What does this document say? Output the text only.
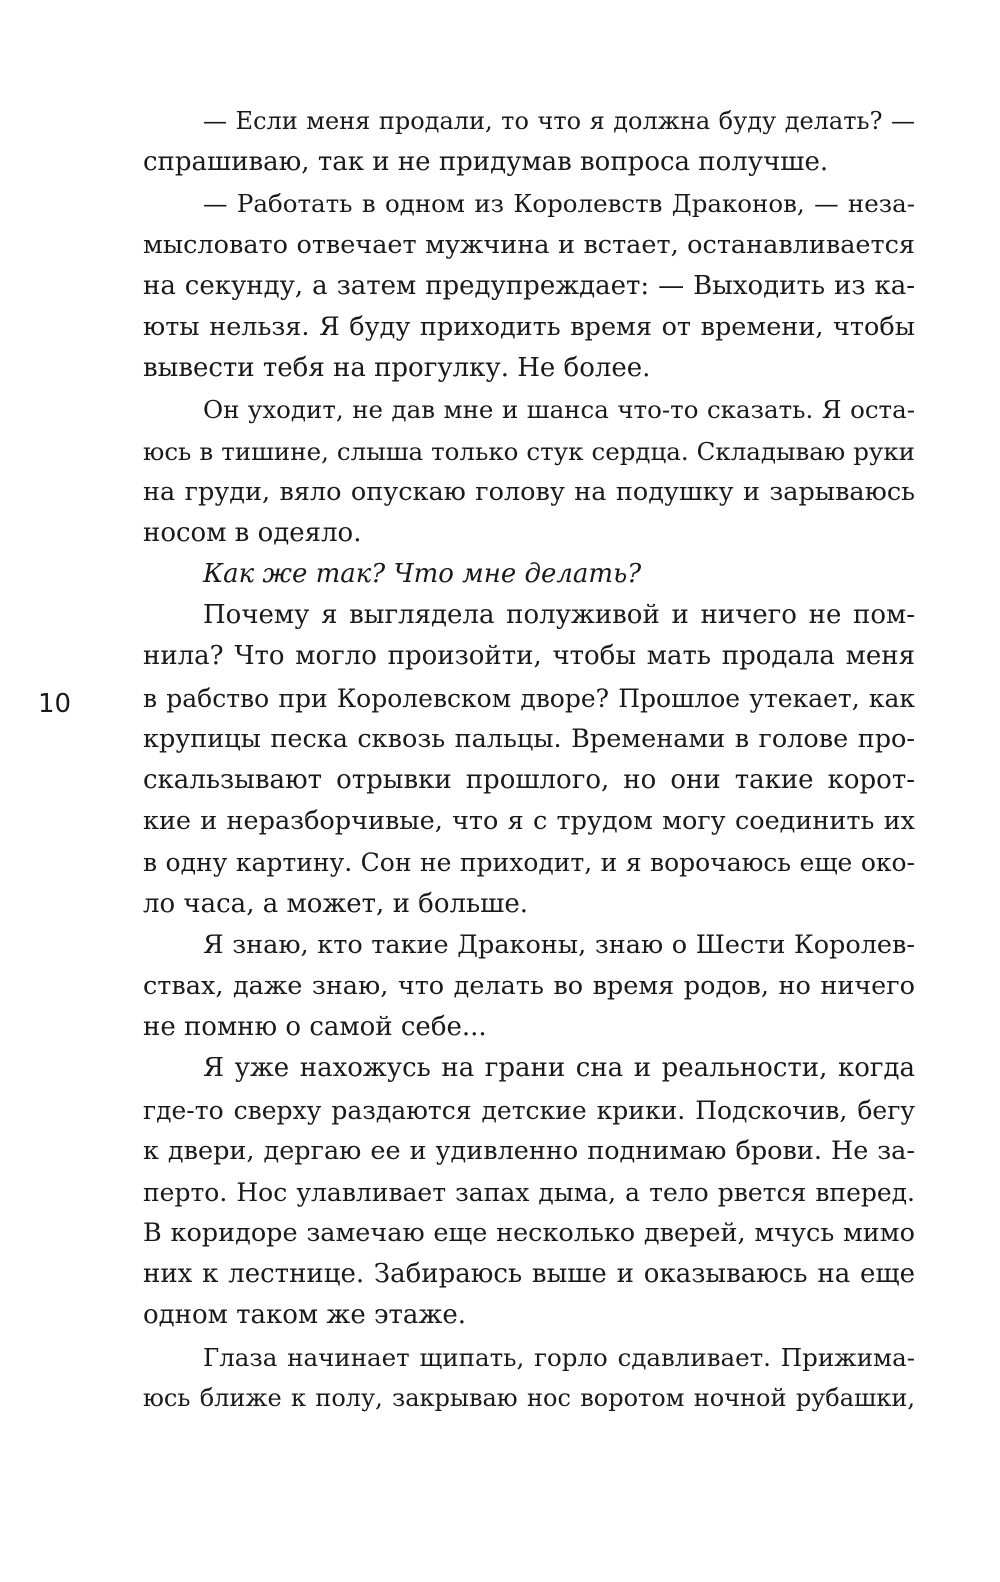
10
— Если меня продали, то что я должна буду делать? —
спрашиваю, так и не придумав вопроса получше.
— Работать в одном из Королевств Драконов, — неза-
мысловато отвечает мужчина и встает, останавливается
на секунду, а затем предупреждает: — Выходить из ка-
юты нельзя. Я буду приходить время от времени, чтобы
вывести тебя на прогулку. Не более.
Он уходит, не дав мне и шанса что-то сказать. Я оста-
юсь в тишине, слыша только стук сердца. Складываю руки
на груди, вяло опускаю голову на подушку и зарываюсь
носом в одеяло.
Как же так? Что мне делать?
Почему я выглядела полуживой и ничего не пом-
нила? Что могло произойти, чтобы мать продала меня
в рабство при Королевском дворе? Прошлое утекает, как
крупицы песка сквозь пальцы. Временами в голове про-
скальзывают отрывки прошлого, но они такие корот-
кие и неразборчивые, что я с трудом могу соединить их
в одну картину. Сон не приходит, и я ворочаюсь еще око-
ло часа, а может, и больше.
Я знаю, кто такие Драконы, знаю о Шести Королев-
ствах, даже знаю, что делать во время родов, но ничего
не помню о самой себе...
Я уже нахожусь на грани сна и реальности, когда
где-то сверху раздаются детские крики. Подскочив, бегу
к двери, дергаю ее и удивленно поднимаю брови. Не за-
перто. Нос улавливает запах дыма, а тело рвется вперед.
В коридоре замечаю еще несколько дверей, мчусь мимо
них к лестнице. Забираюсь выше и оказываюсь на еще
одном таком же этаже.
Глаза начинает щипать, горло сдавливает. Прижима-
юсь ближе к полу, закрываю нос воротом ночной рубашки,
